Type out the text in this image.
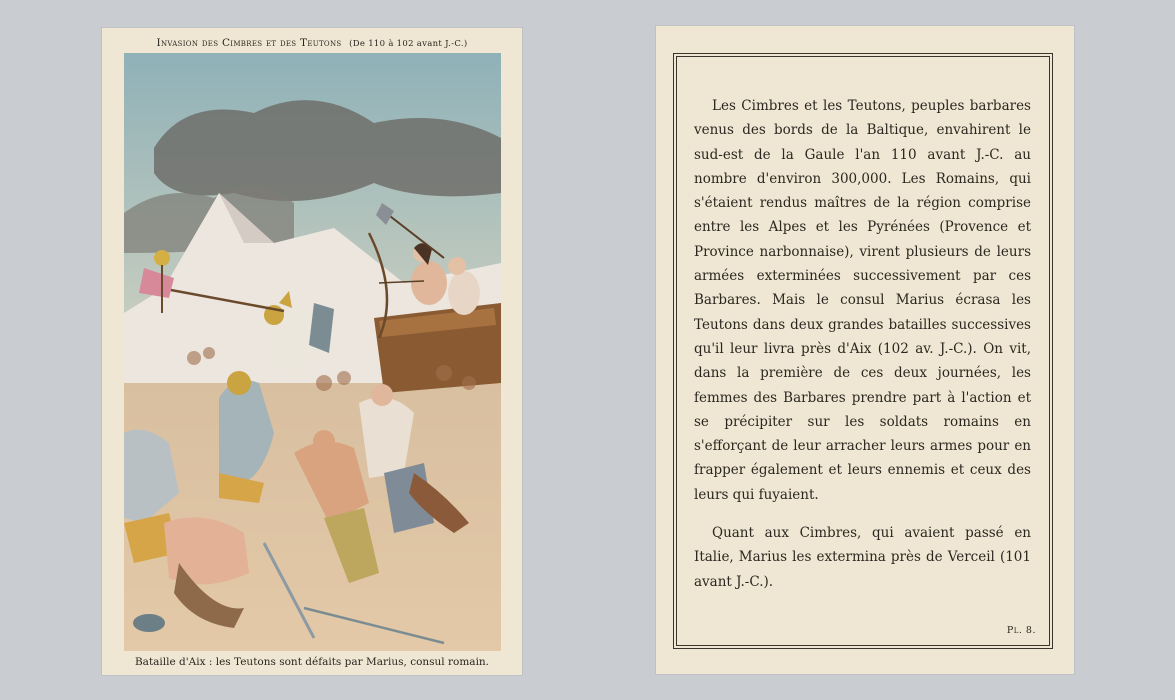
Invasion des Cimbres et des Teutons (De 110 à 102 avant J.-C.)
Bataille d'Aix : les Teutons sont défaits par Marius, consul romain.

Les Cimbres et les Teutons, peuples barbares venus des bords de la Baltique, envahirent le sud-est de la Gaule l'an 110 avant J.-C. au nombre d'environ 300,000. Les Romains, qui s'étaient rendus maîtres de la région comprise entre les Alpes et les Pyrénées (Provence et Province narbonnaise), virent plusieurs de leurs armées exterminées successivement par ces Barbares. Mais le consul Marius écrasa les Teutons dans deux grandes batailles successives qu'il leur livra près d'Aix (102 av. J.-C.). On vit, dans la première de ces deux journées, les femmes des Barbares prendre part à l'action et se précipiter sur les soldats romains en s'efforçant de leur arracher leurs armes pour en frapper également et leurs ennemis et ceux des leurs qui fuyaient.

Quant aux Cimbres, qui avaient passé en Italie, Marius les extermina près de Verceil (101 avant J.-C.).

Pl. 8.
